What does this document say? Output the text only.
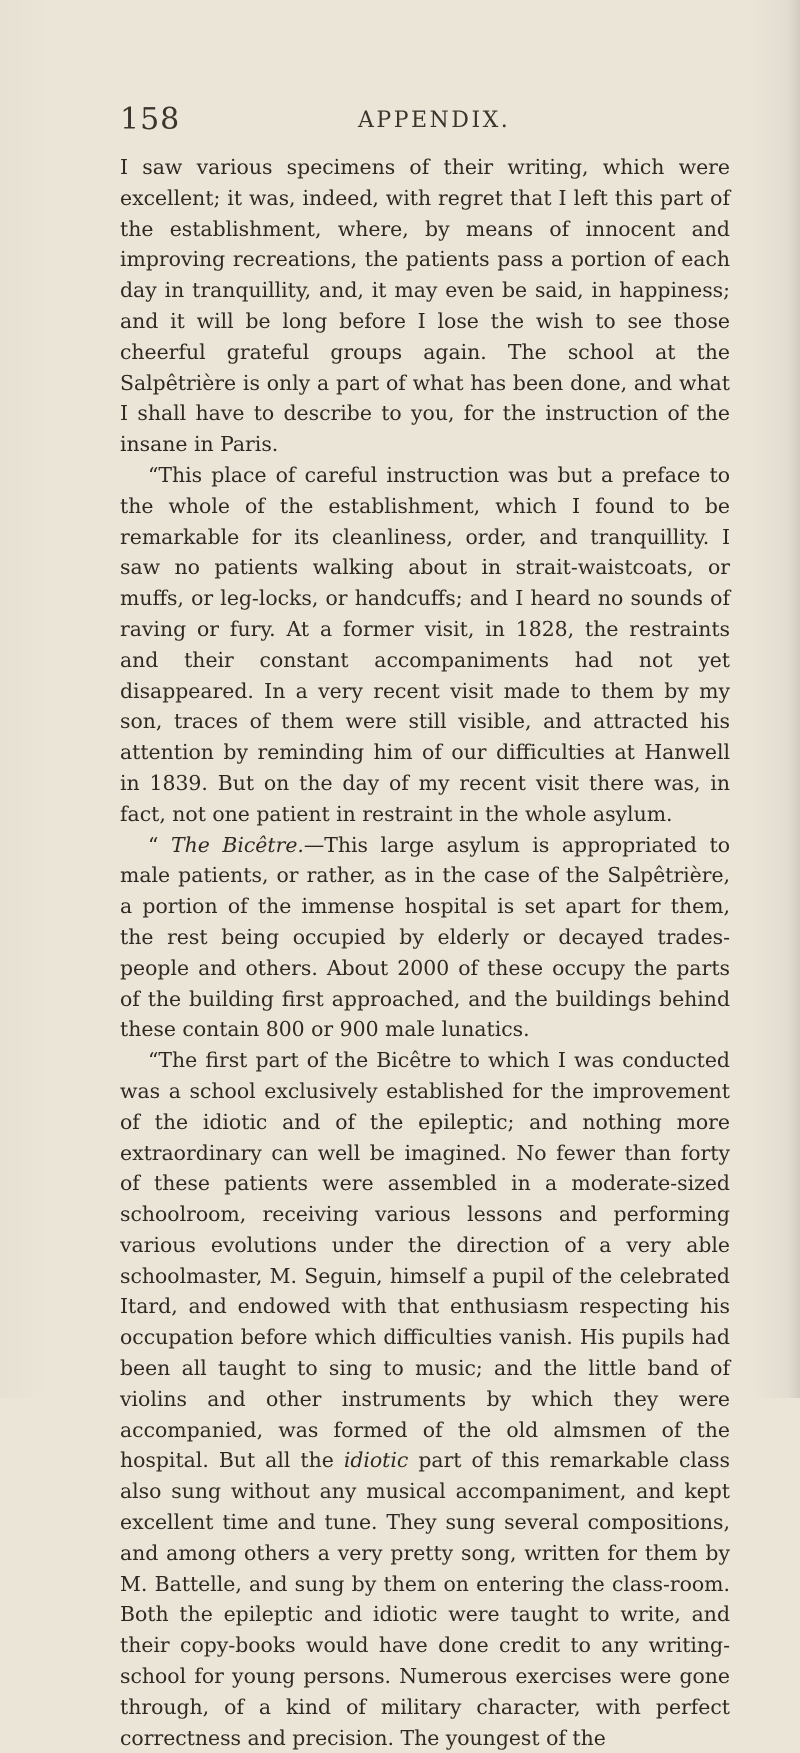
158	APPENDIX.

I saw various specimens of their writing, which were excellent; it was, indeed, with regret that I left this part of the establishment, where, by means of innocent and improving recreations, the patients pass a portion of each day in tranquillity, and, it may even be said, in happiness; and it will be long before I lose the wish to see those cheerful grateful groups again. The school at the Salpêtrière is only a part of what has been done, and what I shall have to describe to you, for the instruction of the insane in Paris.

“This place of careful instruction was but a preface to the whole of the establishment, which I found to be remarkable for its cleanliness, order, and tranquillity. I saw no patients walking about in strait-waistcoats, or muffs, or leg-locks, or handcuffs; and I heard no sounds of raving or fury. At a former visit, in 1828, the restraints and their constant accompaniments had not yet disappeared. In a very recent visit made to them by my son, traces of them were still visible, and attracted his attention by reminding him of our difficulties at Hanwell in 1839. But on the day of my recent visit there was, in fact, not one patient in restraint in the whole asylum.

“ The Bicêtre.—This large asylum is appropriated to male patients, or rather, as in the case of the Salpêtrière, a portion of the immense hospital is set apart for them, the rest being occupied by elderly or decayed trades-people and others. About 2000 of these occupy the parts of the building first approached, and the buildings behind these contain 800 or 900 male lunatics.

“The first part of the Bicêtre to which I was conducted was a school exclusively established for the improvement of the idiotic and of the epileptic; and nothing more extraordinary can well be imagined. No fewer than forty of these patients were assembled in a moderate-sized schoolroom, receiving various lessons and performing various evolutions under the direction of a very able schoolmaster, M. Seguin, himself a pupil of the celebrated Itard, and endowed with that enthusiasm respecting his occupation before which difficulties vanish. His pupils had been all taught to sing to music; and the little band of violins and other instruments by which they were accompanied, was formed of the old almsmen of the hospital. But all the idiotic part of this remarkable class also sung without any musical accompaniment, and kept excellent time and tune. They sung several compositions, and among others a very pretty song, written for them by M. Battelle, and sung by them on entering the class-room. Both the epileptic and idiotic were taught to write, and their copy-books would have done credit to any writing-school for young persons. Numerous exercises were gone through, of a kind of military character, with perfect correctness and precision. The youngest of the
